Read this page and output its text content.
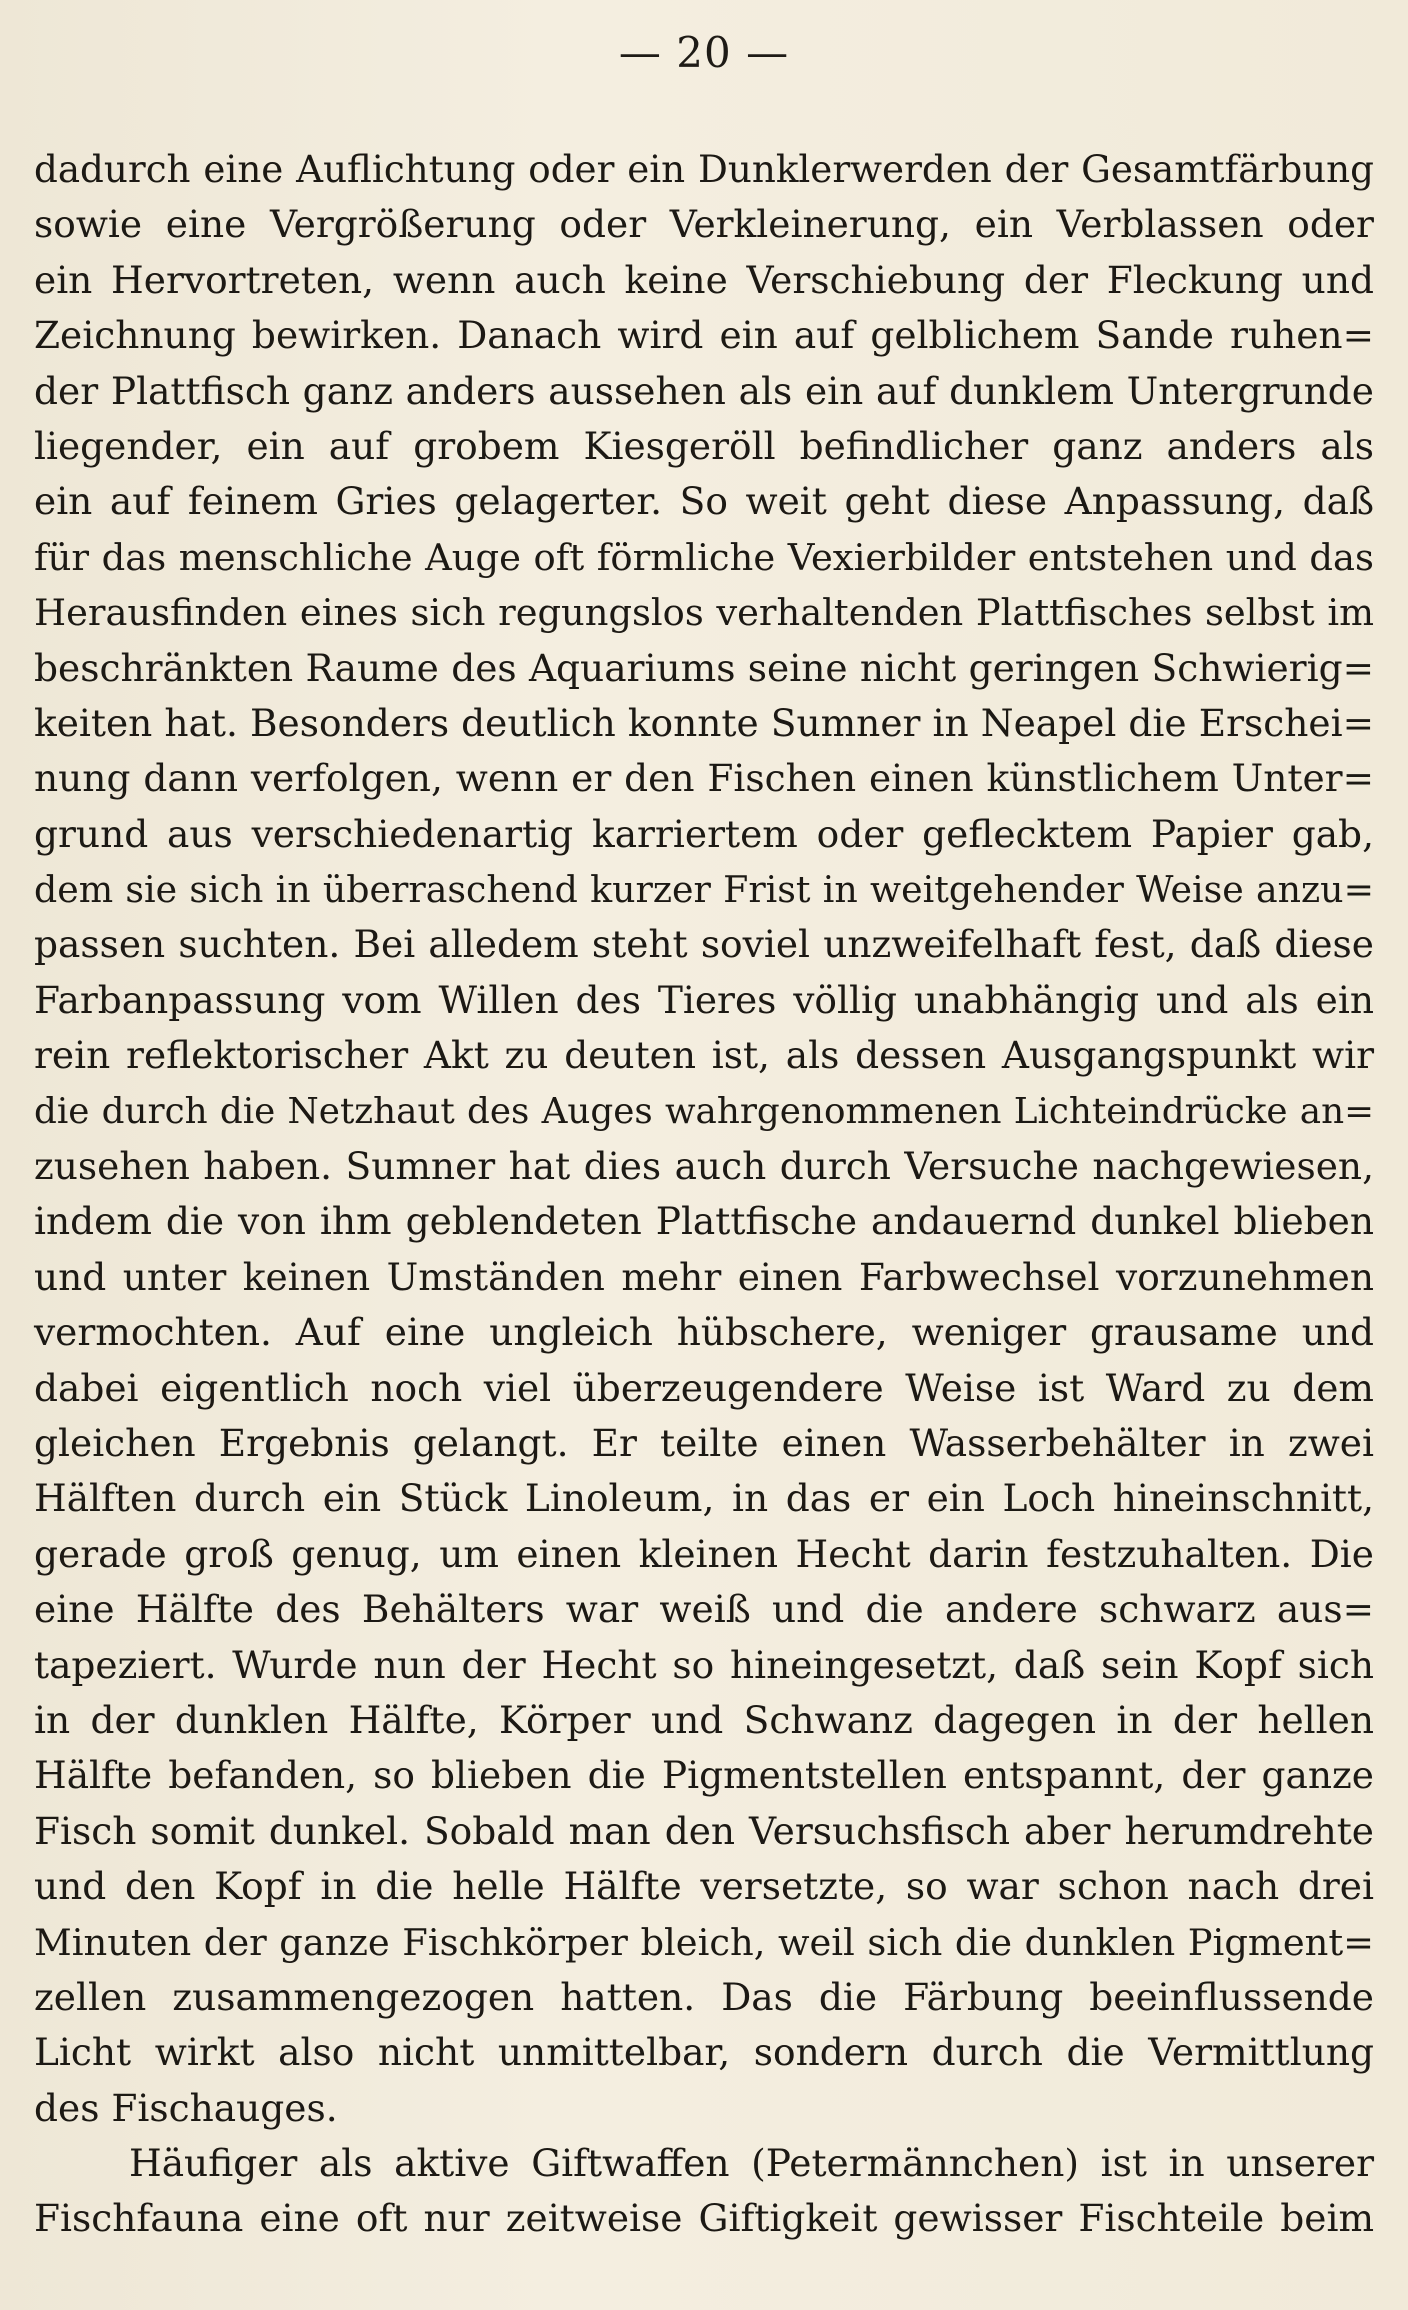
— 20 —
dadurch eine Auflichtung oder ein Dunklerwerden der Gesamtfärbung
sowie eine Vergrößerung oder Verkleinerung, ein Verblassen oder
ein Hervortreten, wenn auch keine Verschiebung der Fleckung und
Zeichnung bewirken. Danach wird ein auf gelblichem Sande ruhen=
der Plattfisch ganz anders aussehen als ein auf dunklem Untergrunde
liegender, ein auf grobem Kiesgeröll befindlicher ganz anders als
ein auf feinem Gries gelagerter. So weit geht diese Anpassung, daß
für das menschliche Auge oft förmliche Vexierbilder entstehen und das
Herausfinden eines sich regungslos verhaltenden Plattfisches selbst im
beschränkten Raume des Aquariums seine nicht geringen Schwierig=
keiten hat. Besonders deutlich konnte Sumner in Neapel die Erschei=
nung dann verfolgen, wenn er den Fischen einen künstlichem Unter=
grund aus verschiedenartig karriertem oder geflecktem Papier gab,
dem sie sich in überraschend kurzer Frist in weitgehender Weise anzu=
passen suchten. Bei alledem steht soviel unzweifelhaft fest, daß diese
Farbanpassung vom Willen des Tieres völlig unabhängig und als ein
rein reflektorischer Akt zu deuten ist, als dessen Ausgangspunkt wir
die durch die Netzhaut des Auges wahrgenommenen Lichteindrücke an=
zusehen haben. Sumner hat dies auch durch Versuche nachgewiesen,
indem die von ihm geblendeten Plattfische andauernd dunkel blieben
und unter keinen Umständen mehr einen Farbwechsel vorzunehmen
vermochten. Auf eine ungleich hübschere, weniger grausame und
dabei eigentlich noch viel überzeugendere Weise ist Ward zu dem
gleichen Ergebnis gelangt. Er teilte einen Wasserbehälter in zwei
Hälften durch ein Stück Linoleum, in das er ein Loch hineinschnitt,
gerade groß genug, um einen kleinen Hecht darin festzuhalten. Die
eine Hälfte des Behälters war weiß und die andere schwarz aus=
tapeziert. Wurde nun der Hecht so hineingesetzt, daß sein Kopf sich
in der dunklen Hälfte, Körper und Schwanz dagegen in der hellen
Hälfte befanden, so blieben die Pigmentstellen entspannt, der ganze
Fisch somit dunkel. Sobald man den Versuchsfisch aber herumdrehte
und den Kopf in die helle Hälfte versetzte, so war schon nach drei
Minuten der ganze Fischkörper bleich, weil sich die dunklen Pigment=
zellen zusammengezogen hatten. Das die Färbung beeinflussende
Licht wirkt also nicht unmittelbar, sondern durch die Vermittlung
des Fischauges.
Häufiger als aktive Giftwaffen (Petermännchen) ist in unserer
Fischfauna eine oft nur zeitweise Giftigkeit gewisser Fischteile beim
